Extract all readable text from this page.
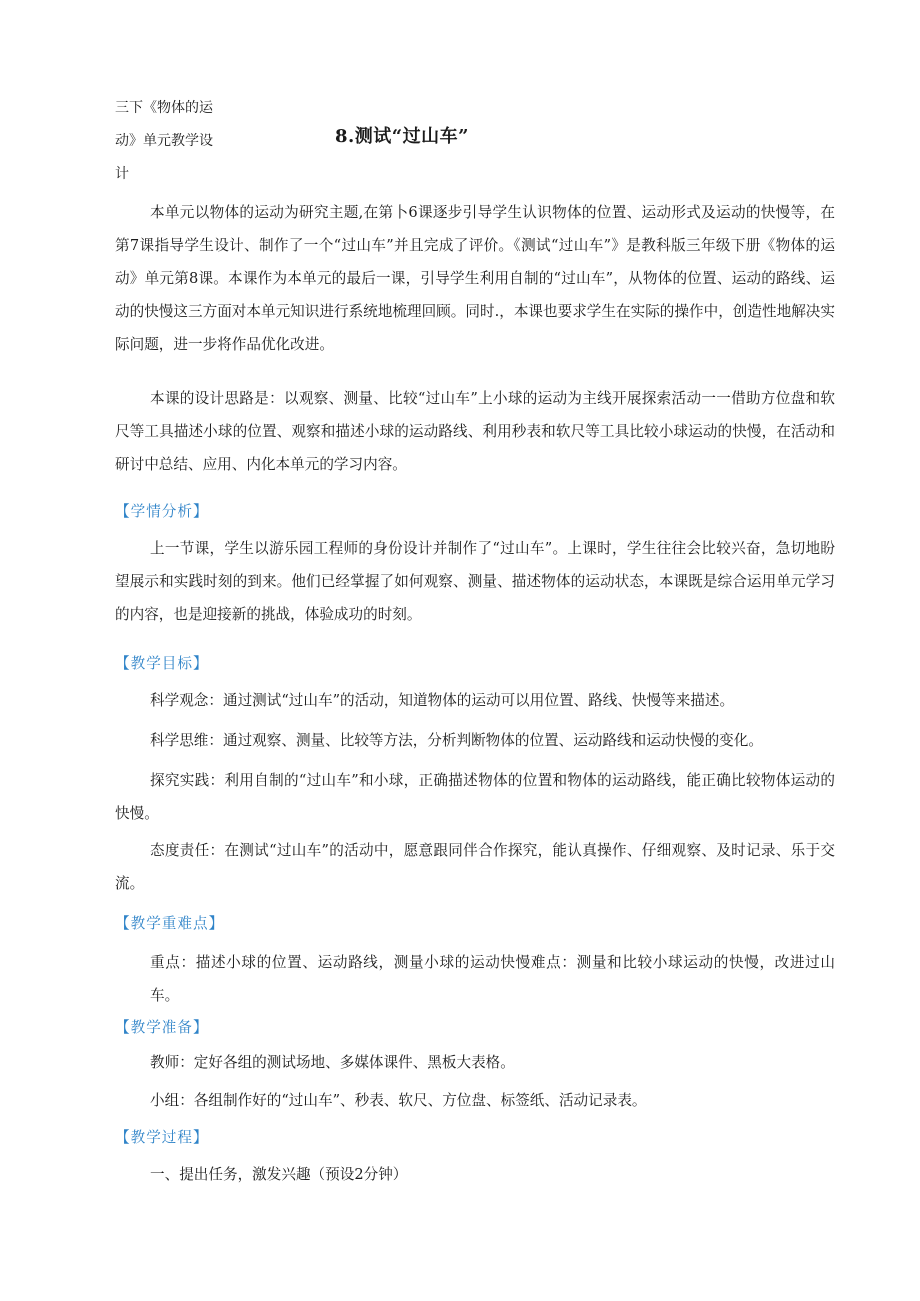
三下《物体的运动》单元教学设计
8.测试“过山车”

本单元以物体的运动为研究主题,在第卜6课逐步引导学生认识物体的位置、运动形式及运动的快慢等，在第7课指导学生设计、制作了一个“过山车”并且完成了评价。《测试“过山车”》是教科版三年级下册《物体的运动》单元第8课。本课作为本单元的最后一课，引导学生利用自制的“过山车”，从物体的位置、运动的路线、运动的快慢这三方面对本单元知识进行系统地梳理回顾。同时.，本课也要求学生在实际的操作中，创造性地解决实际问题，进一步将作品优化改进。

本课的设计思路是：以观察、测量、比较“过山车”上小球的运动为主线开展探索活动一一借助方位盘和软尺等工具描述小球的位置、观察和描述小球的运动路线、利用秒表和软尺等工具比较小球运动的快慢，在活动和研讨中总结、应用、内化本单元的学习内容。

【学情分析】

上一节课，学生以游乐园工程师的身份设计并制作了“过山车”。上课时，学生往往会比较兴奋，急切地盼望展示和实践时刻的到来。他们已经掌握了如何观察、测量、描述物体的运动状态，本课既是综合运用单元学习的内容，也是迎接新的挑战，体验成功的时刻。

【教学目标】

科学观念：通过测试“过山车”的活动，知道物体的运动可以用位置、路线、快慢等来描述。

科学思维：通过观察、测量、比较等方法，分析判断物体的位置、运动路线和运动快慢的变化。

探究实践：利用自制的“过山车”和小球，正确描述物体的位置和物体的运动路线，能正确比较物体运动的快慢。

态度责任：在测试“过山车”的活动中，愿意跟同伴合作探究，能认真操作、仔细观察、及时记录、乐于交流。

【教学重难点】

重点：描述小球的位置、运动路线，测量小球的运动快慢难点：测量和比较小球运动的快慢，改进过山车。

【教学准备】

教师：定好各组的测试场地、多媒体课件、黑板大表格。

小组：各组制作好的“过山车”、秒表、软尺、方位盘、标签纸、活动记录表。

【教学过程】

一、提出任务，激发兴趣（预设2分钟）
